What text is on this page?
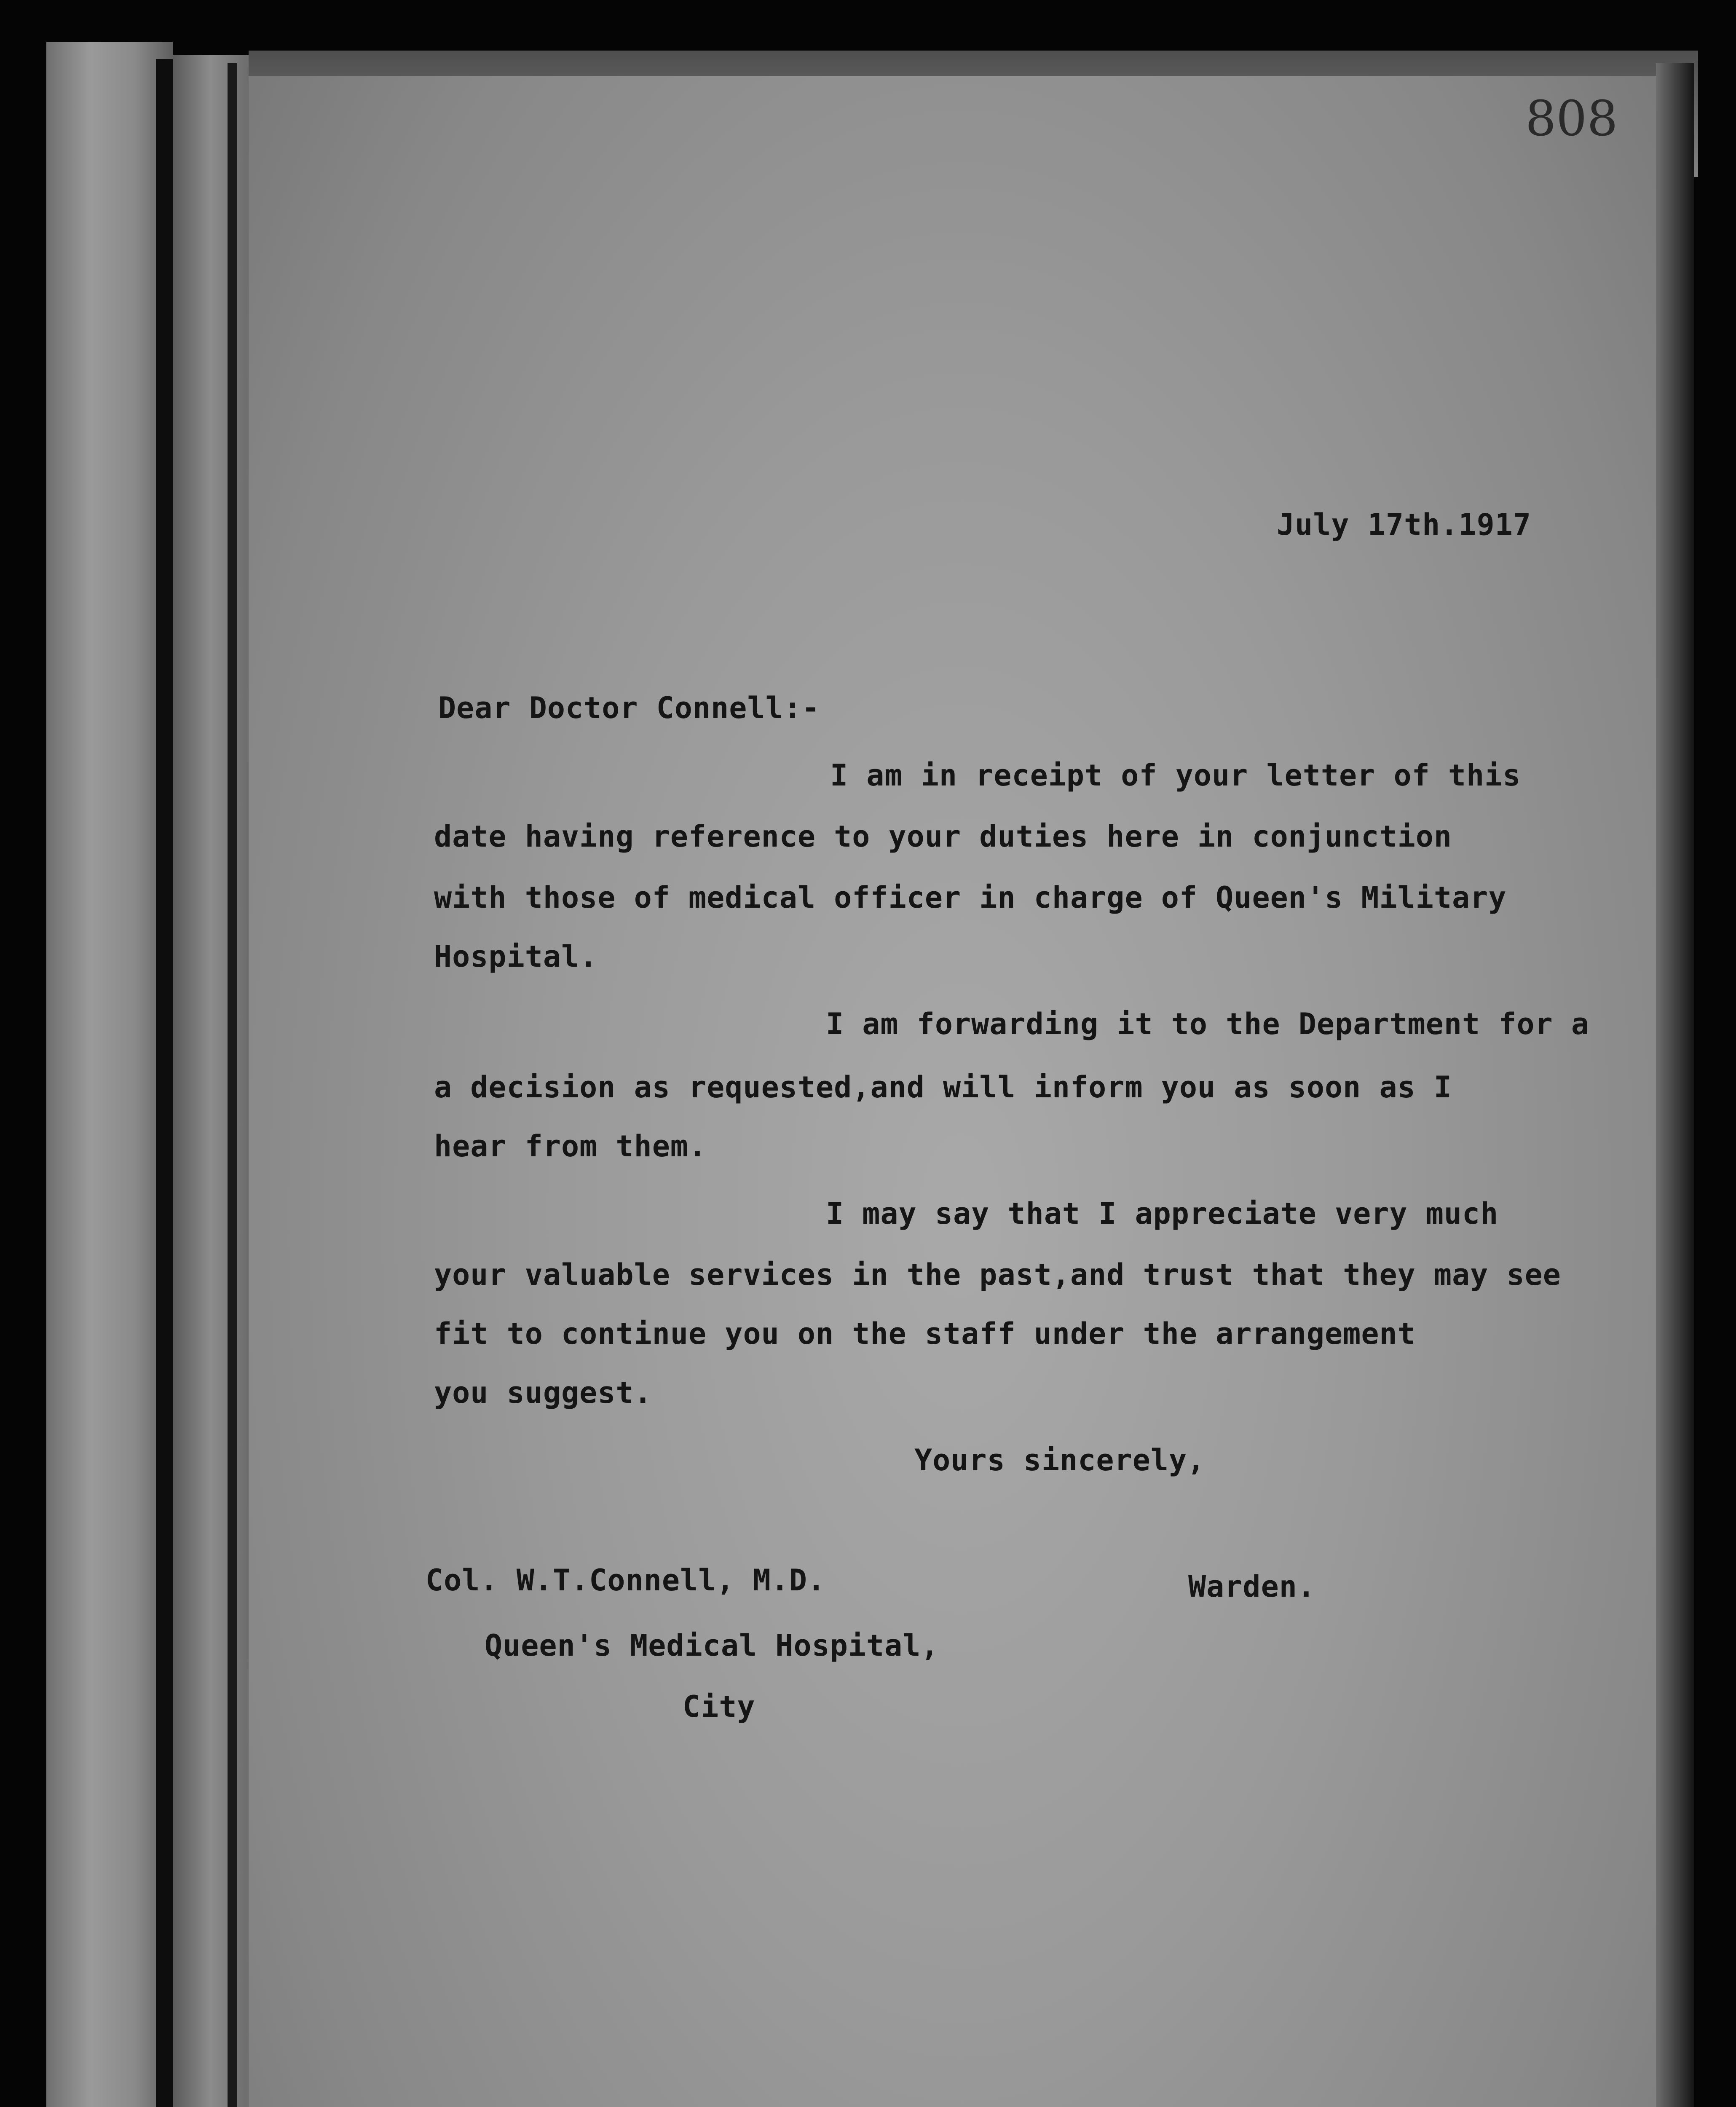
808
July 17th.1917
Dear Doctor Connell:-
I am in receipt of your letter of this
date having reference to your duties here in conjunction
with those of medical officer in charge of Queen's Military
Hospital.
I am forwarding it to the Department for a
a decision as requested,and will inform you as soon as I
hear from them.
I may say that I appreciate very much
your valuable services in the past,and trust that they may see
fit to continue you on the staff under the arrangement
you suggest.
Yours sincerely,
Col. W.T.Connell, M.D.	Warden.
Queen's Medical Hospital,
City
